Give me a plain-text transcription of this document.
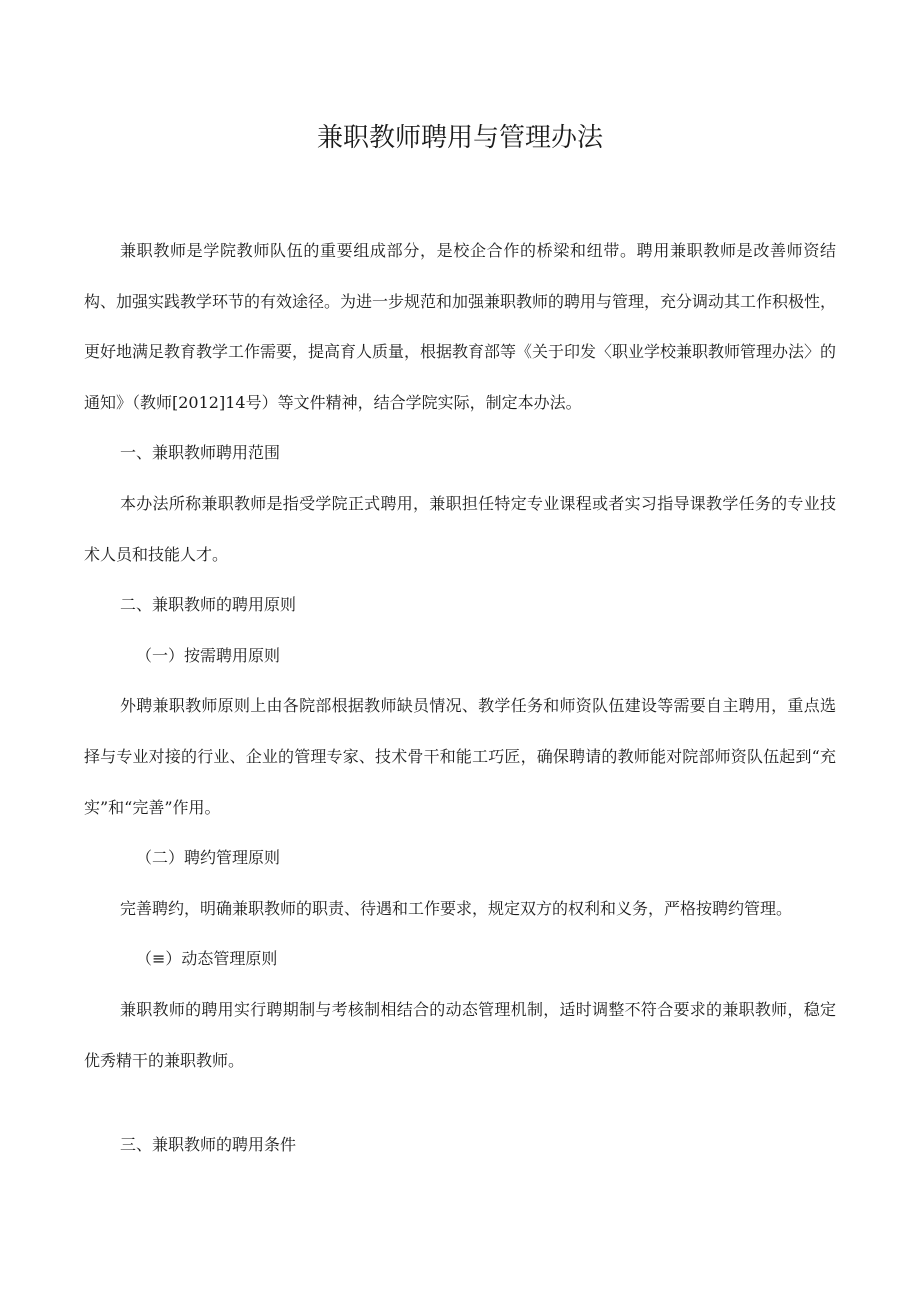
兼职教师聘用与管理办法

兼职教师是学院教师队伍的重要组成部分，是校企合作的桥梁和纽带。聘用兼职教师是改善师资结构、加强实践教学环节的有效途径。为进一步规范和加强兼职教师的聘用与管理，充分调动其工作积极性，更好地满足教育教学工作需要，提高育人质量，根据教育部等《关于印发〈职业学校兼职教师管理办法〉的通知》（教师[2012]14号）等文件精神，结合学院实际，制定本办法。

一、兼职教师聘用范围

本办法所称兼职教师是指受学院正式聘用，兼职担任特定专业课程或者实习指导课教学任务的专业技术人员和技能人才。

二、兼职教师的聘用原则

（一）按需聘用原则

外聘兼职教师原则上由各院部根据教师缺员情况、教学任务和师资队伍建设等需要自主聘用，重点选择与专业对接的行业、企业的管理专家、技术骨干和能工巧匠，确保聘请的教师能对院部师资队伍起到“充实”和“完善”作用。

（二）聘约管理原则

完善聘约，明确兼职教师的职责、待遇和工作要求，规定双方的权利和义务，严格按聘约管理。

（≡）动态管理原则

兼职教师的聘用实行聘期制与考核制相结合的动态管理机制，适时调整不符合要求的兼职教师，稳定优秀精干的兼职教师。

三、兼职教师的聘用条件
